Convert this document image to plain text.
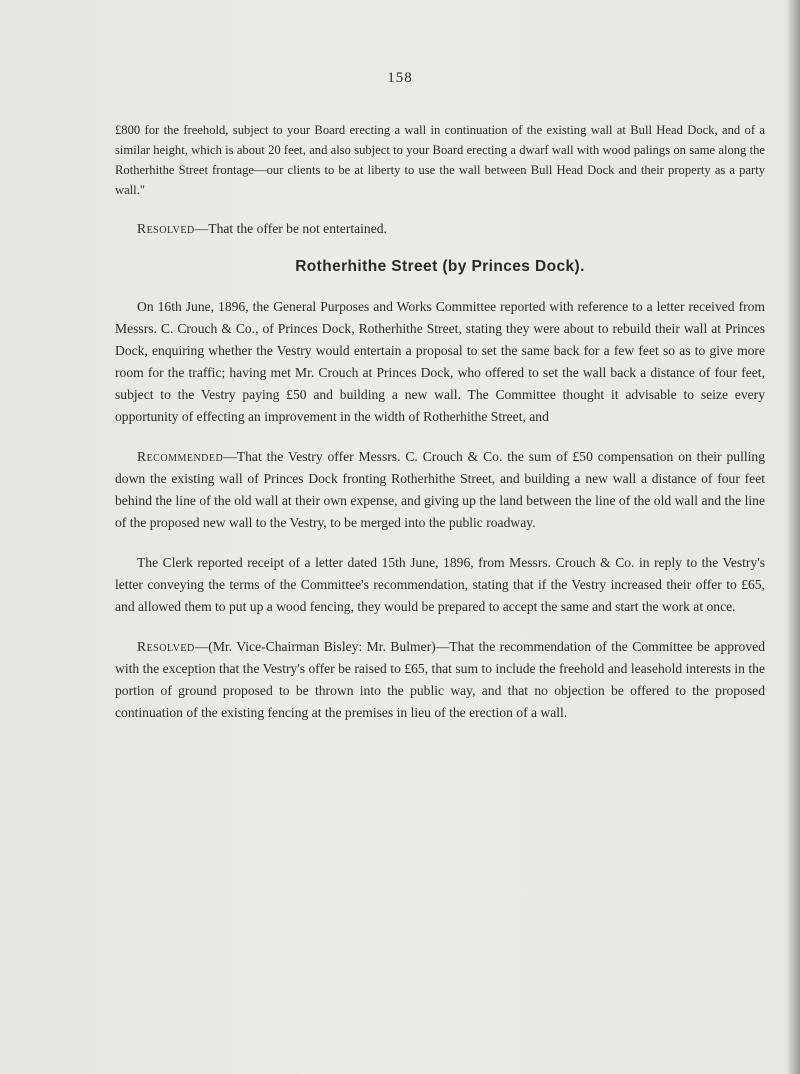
158

£800 for the freehold, subject to your Board erecting a wall in continuation of the existing wall at Bull Head Dock, and of a similar height, which is about 20 feet, and also subject to your Board erecting a dwarf wall with wood palings on same along the Rotherhithe Street frontage—our clients to be at liberty to use the wall between Bull Head Dock and their property as a party wall."

Resolved—That the offer be not entertained.

Rotherhithe Street (by Princes Dock).

On 16th June, 1896, the General Purposes and Works Committee reported with reference to a letter received from Messrs. C. Crouch & Co., of Princes Dock, Rotherhithe Street, stating they were about to rebuild their wall at Princes Dock, enquiring whether the Vestry would entertain a proposal to set the same back for a few feet so as to give more room for the traffic; having met Mr. Crouch at Princes Dock, who offered to set the wall back a distance of four feet, subject to the Vestry paying £50 and building a new wall. The Committee thought it advisable to seize every opportunity of effecting an improvement in the width of Rotherhithe Street, and

Recommended—That the Vestry offer Messrs. C. Crouch & Co. the sum of £50 compensation on their pulling down the existing wall of Princes Dock fronting Rotherhithe Street, and building a new wall a distance of four feet behind the line of the old wall at their own expense, and giving up the land between the line of the old wall and the line of the proposed new wall to the Vestry, to be merged into the public roadway.

The Clerk reported receipt of a letter dated 15th June, 1896, from Messrs. Crouch & Co. in reply to the Vestry's letter conveying the terms of the Committee's recommendation, stating that if the Vestry increased their offer to £65, and allowed them to put up a wood fencing, they would be prepared to accept the same and start the work at once.

Resolved—(Mr. Vice-Chairman Bisley: Mr. Bulmer)—That the recommendation of the Committee be approved with the exception that the Vestry's offer be raised to £65, that sum to include the freehold and leasehold interests in the portion of ground proposed to be thrown into the public way, and that no objection be offered to the proposed continuation of the existing fencing at the premises in lieu of the erection of a wall.
